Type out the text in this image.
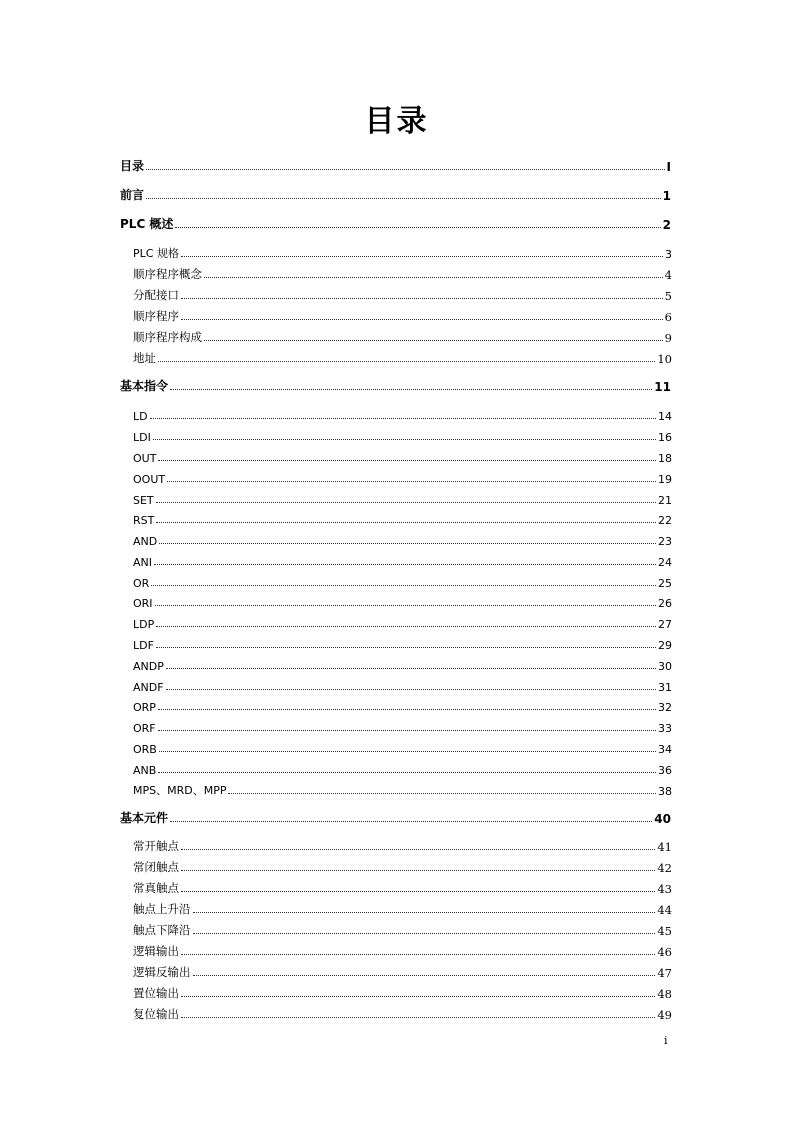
目录
目录	I
前言	1
PLC 概述	2
PLC 规格	3
顺序程序概念	4
分配接口	5
顺序程序	6
顺序程序构成	9
地址	10
基本指令	11
LD	14
LDI	16
OUT	18
OOUT	19
SET	21
RST	22
AND	23
ANI	24
OR	25
ORI	26
LDP	27
LDF	29
ANDP	30
ANDF	31
ORP	32
ORF	33
ORB	34
ANB	36
MPS、MRD、MPP	38
基本元件	40
常开触点	41
常闭触点	42
常真触点	43
触点上升沿	44
触点下降沿	45
逻辑输出	46
逻辑反输出	47
置位输出	48
复位输出	49
i
